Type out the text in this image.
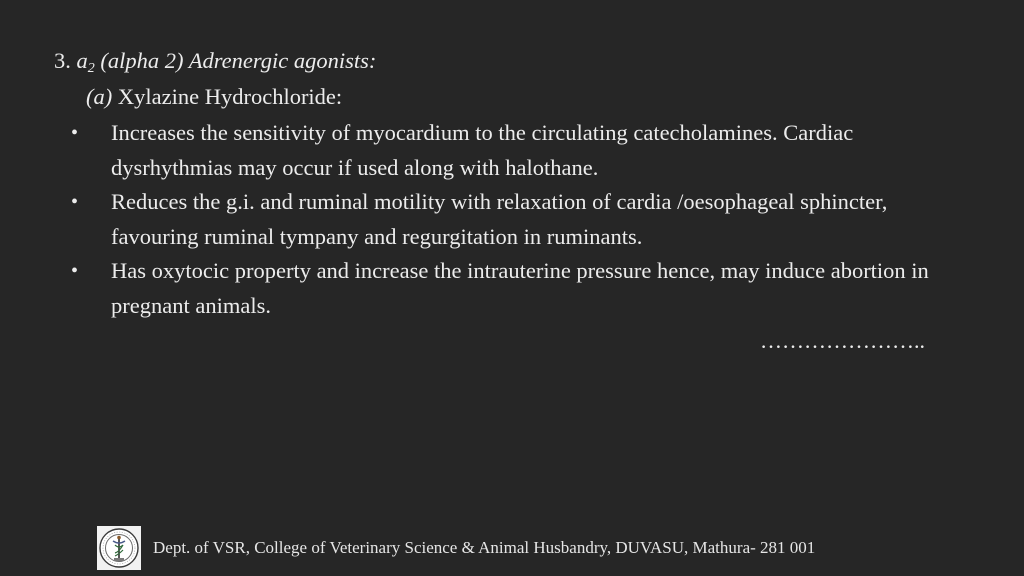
3. $a_2$ (alpha 2) Adrenergic agonists:
(a) Xylazine Hydrochloride:
• Increases the sensitivity of myocardium to the circulating catecholamines. Cardiac dysrhythmias may occur if used along with halothane.
• Reduces the g.i. and ruminal motility with relaxation of cardia /oesophageal sphincter, favouring ruminal tympany and regurgitation in ruminants.
• Has oxytocic property and increase the intrauterine pressure hence, may induce abortion in pregnant animals.
…………………..
Dept. of VSR, College of Veterinary Science & Animal Husbandry, DUVASU, Mathura- 281 001
